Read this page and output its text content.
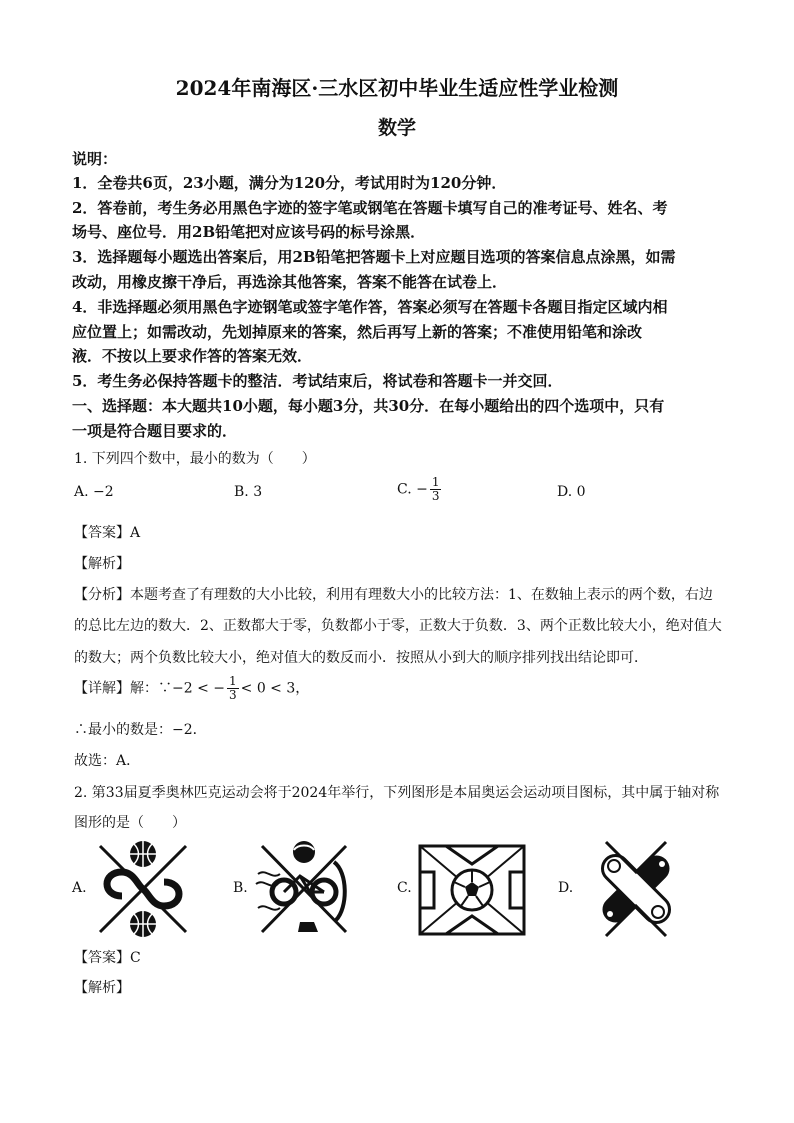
2024年南海区·三水区初中毕业生适应性学业检测
数学
说明：
1．全卷共6页，23小题，满分为120分，考试用时为120分钟．
2．答卷前，考生务必用黑色字迹的签字笔或钢笔在答题卡填写自己的准考证号、姓名、考
场号、座位号．用2B铅笔把对应该号码的标号涂黑．
3．选择题每小题选出答案后，用2B铅笔把答题卡上对应题目选项的答案信息点涂黑，如需
改动，用橡皮擦干净后，再选涂其他答案，答案不能答在试卷上．
4．非选择题必须用黑色字迹钢笔或签字笔作答，答案必须写在答题卡各题目指定区域内相
应位置上；如需改动，先划掉原来的答案，然后再写上新的答案；不准使用铅笔和涂改
液．不按以上要求作答的答案无效．
5．考生务必保持答题卡的整洁．考试结束后，将试卷和答题卡一并交回．
一、选择题：本大题共10小题，每小题3分，共30分．在每小题给出的四个选项中，只有
一项是符合题目要求的．
1. 下列四个数中，最小的数为（　　）
A. −2	B. 3	C. − $\frac{1}{3}$	D. 0
【答案】A
【解析】
【分析】本题考查了有理数的大小比较，利用有理数大小的比较方法：1、在数轴上表示的两个数，右边
的总比左边的数大．2、正数都大于零，负数都小于零，正数大于负数．3、两个正数比较大小，绝对值大
的数大；两个负数比较大小，绝对值大的数反而小．按照从小到大的顺序排列找出结论即可．
【详解】解：∵−2 < − $\frac{1}{3} < 0 < 3$，
∴最小的数是：−2．
故选：A．
2. 第33届夏季奥林匹克运动会将于2024年举行，下列图形是本届奥运会运动项目图标，其中属于轴对称
图形的是（　　）
A.	B.	C.	D.
【答案】C
【解析】
